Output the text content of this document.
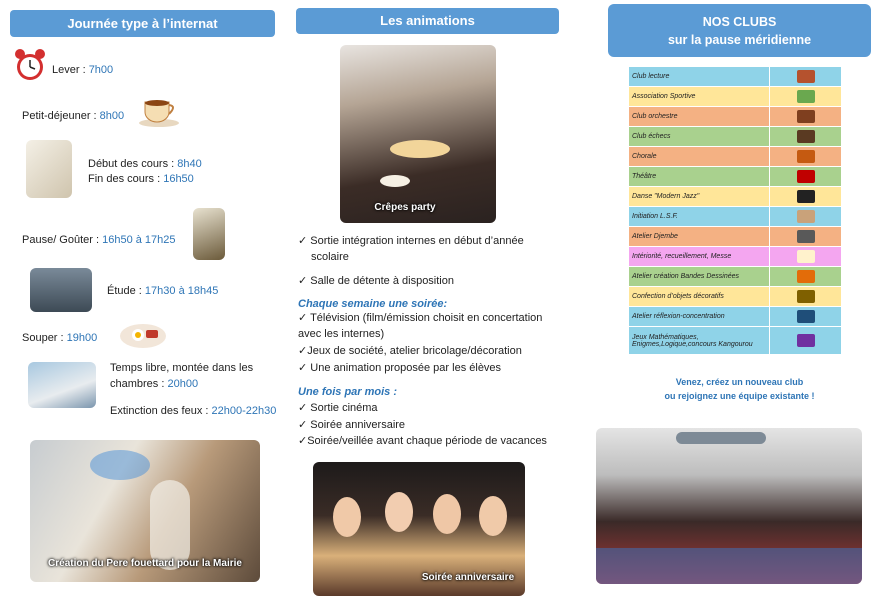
Journée type à l’internat
Lever : 7h00
Petit-déjeuner : 8h00
Début des cours : 8h40
Fin des cours : 16h50
Pause/ Goûter : 16h50 à 17h25
Étude : 17h30 à 18h45
Souper : 19h00
Temps libre, montée dans les
chambres : 20h00
Extinction des feux : 22h00-22h30
Création du Pere fouettard pour la Mairie
Les animations
Crêpes party
✓ Sortie intégration internes en début d’année
scolaire
✓ Salle de détente à disposition
Chaque semaine une soirée:
✓ Télévision (film/émission choisit en concertation
avec les internes)
✓Jeux de société, atelier bricolage/décoration
✓ Une animation proposée par les élèves
Une fois par mois :
✓ Sortie cinéma
✓ Soirée anniversaire
✓Soirée/veillée avant chaque période de vacances
Soirée anniversaire
NOS CLUBS
sur la pause méridienne
Club lecture	
Association Sportive	
Club orchestre	
Club échecs	
Chorale	
Théâtre	
Danse "Modern Jazz"	
Initiation L.S.F.	
Atelier Djembe	
Intériorité, recueillement, Messe	
Atelier création Bandes Dessinées	
Confection d’objets décoratifs	
Atelier réflexion-concentration	
Jeux Mathématiques, Enigmes,Logique,concours Kangourou	
Venez, créez un nouveau club
ou rejoignez une équipe existante !
